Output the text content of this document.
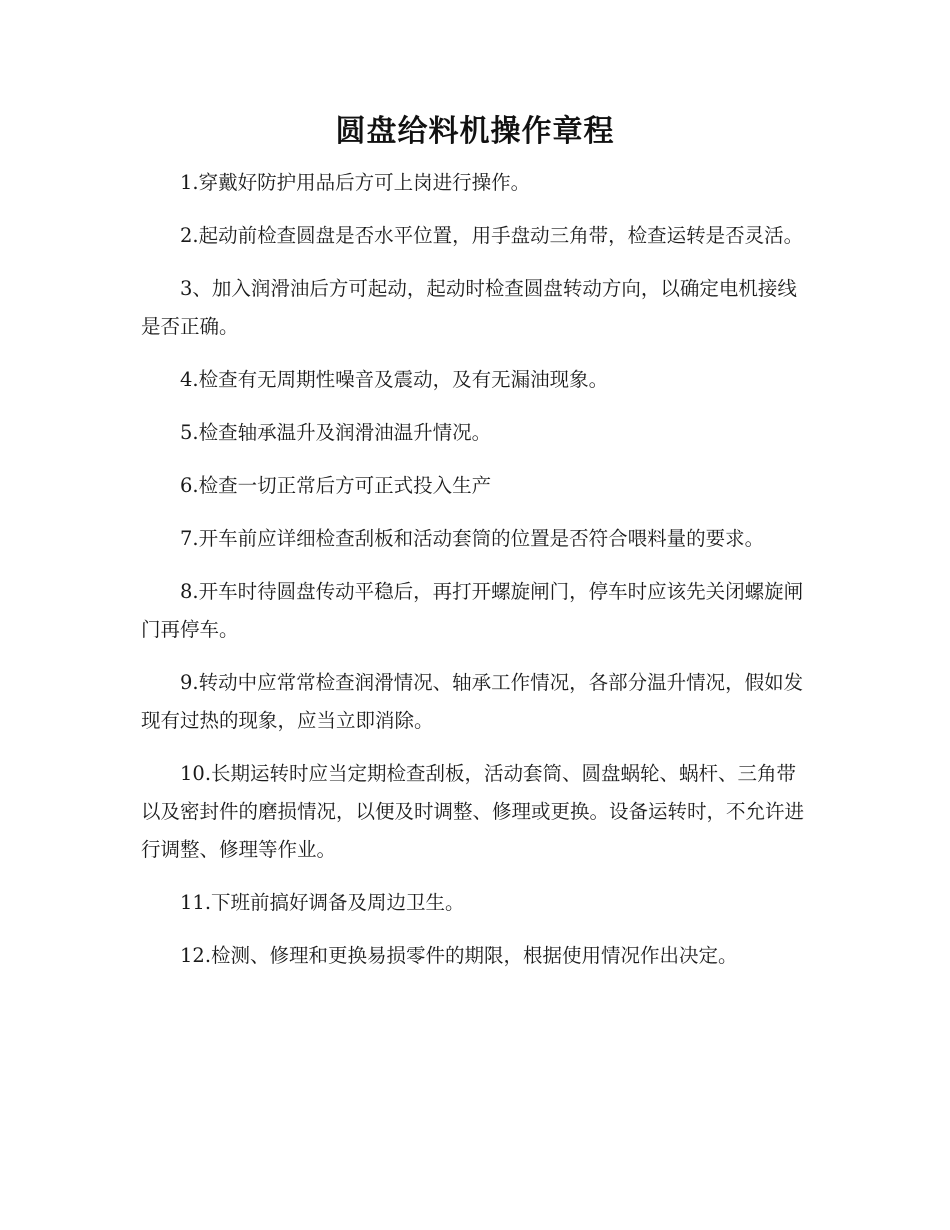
圆盘给料机操作章程

1.穿戴好防护用品后方可上岗进行操作。

2.起动前检查圆盘是否水平位置，用手盘动三角带，检查运转是否灵活。

3、加入润滑油后方可起动，起动时检查圆盘转动方向，以确定电机接线是否正确。

4.检查有无周期性噪音及震动，及有无漏油现象。

5.检查轴承温升及润滑油温升情况。

6.检查一切正常后方可正式投入生产

7.开车前应详细检查刮板和活动套筒的位置是否符合喂料量的要求。

8.开车时待圆盘传动平稳后，再打开螺旋闸门，停车时应该先关闭螺旋闸门再停车。

9.转动中应常常检查润滑情况、轴承工作情况，各部分温升情况，假如发现有过热的现象，应当立即消除。

10.长期运转时应当定期检查刮板，活动套筒、圆盘蜗轮、蜗杆、三角带以及密封件的磨损情况，以便及时调整、修理或更换。设备运转时，不允许进行调整、修理等作业。

11.下班前搞好调备及周边卫生。

12.检测、修理和更换易损零件的期限，根据使用情况作出决定。
